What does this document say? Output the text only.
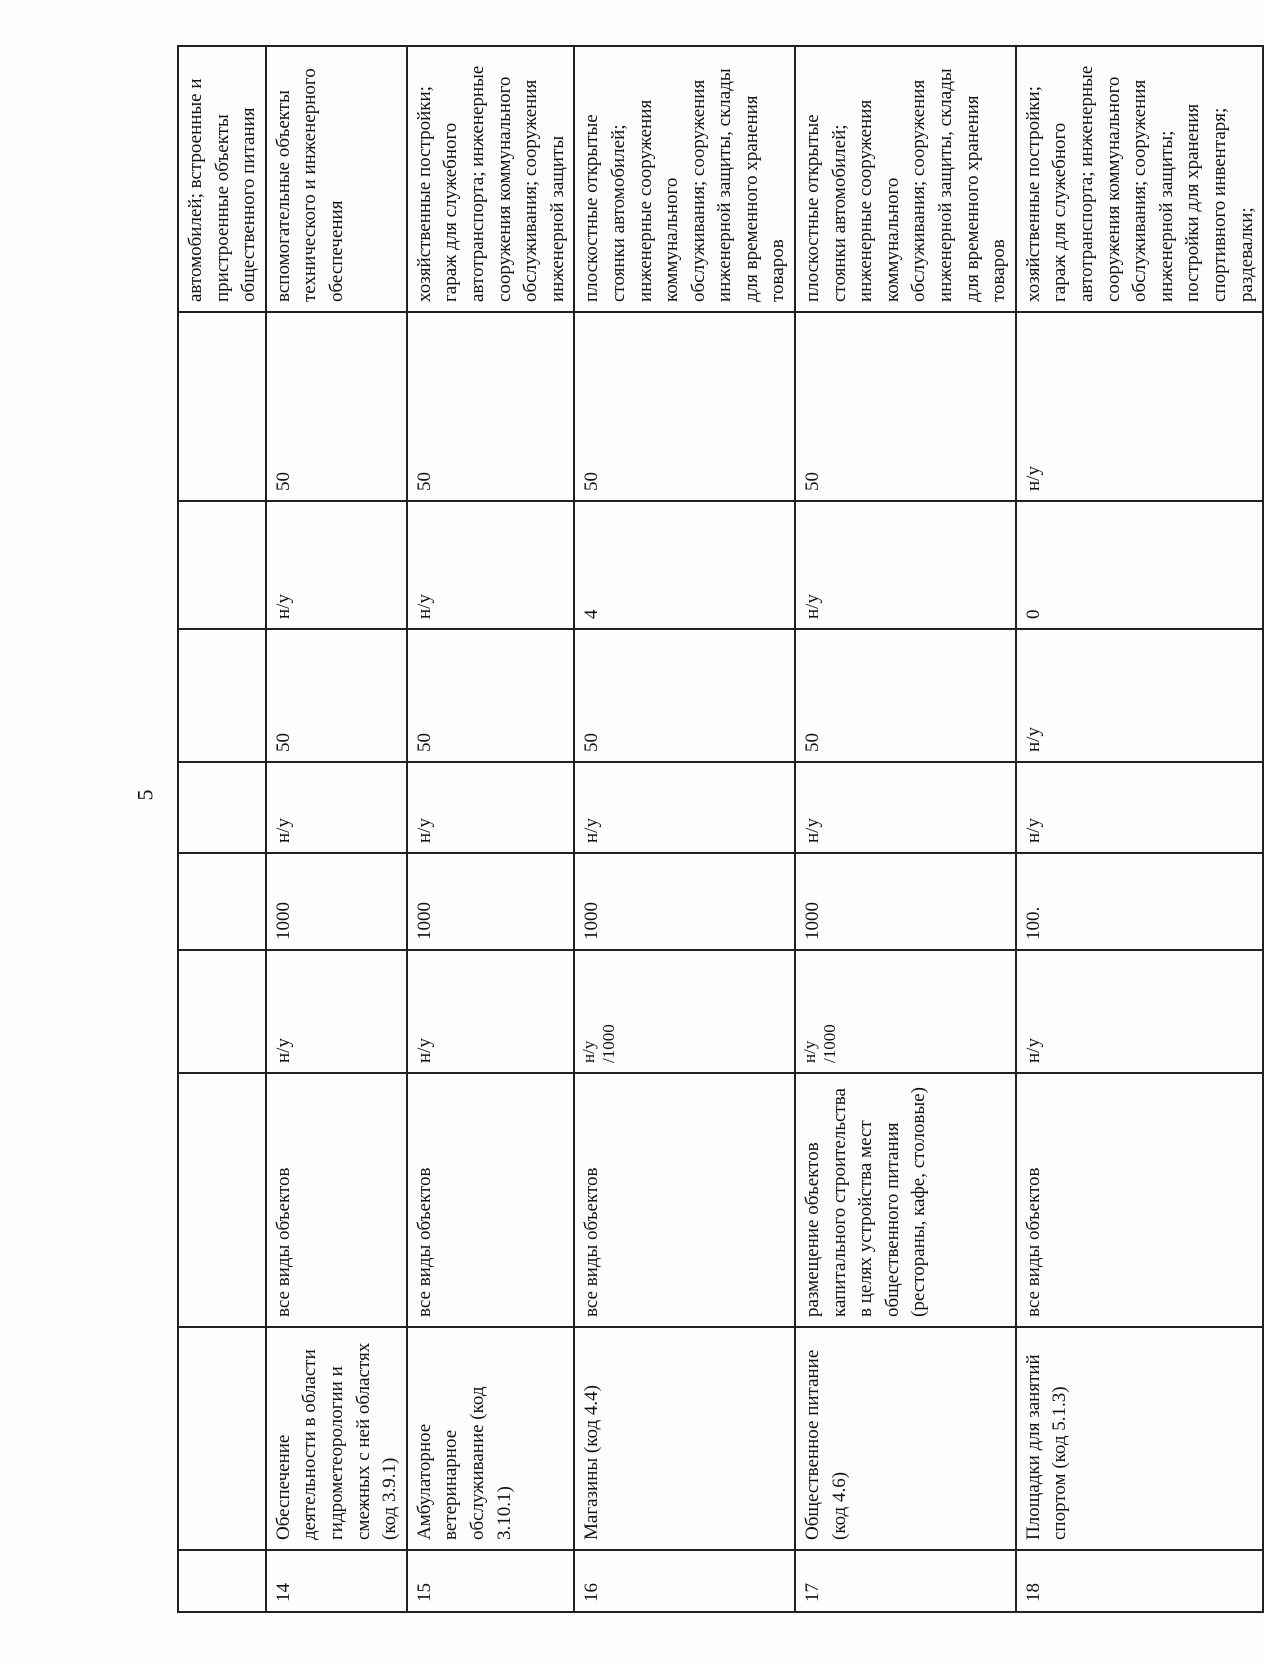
5

									автомобилей; встроенные и пристроенные объекты общественного питания

14	Обеспечение деятельности в области гидрометеорологии и смежных с ней областях (код 3.9.1)	все виды объектов	н/у	1000	н/у	50	н/у	50	вспомогательные объекты технического и инженерного обеспечения

15	Амбулаторное ветеринарное обслуживание (код 3.10.1)	все виды объектов	н/у	1000	н/у	50	н/у	50	хозяйственные постройки; гараж для служебного автотранспорта; инженерные сооружения коммунального обслуживания; сооружения инженерной защиты

16	Магазины (код 4.4)	все виды объектов	н/у /1000	1000	н/у	50	4	50	плоскостные открытые стоянки автомобилей; инженерные сооружения коммунального обслуживания; сооружения инженерной защиты, склады для временного хранения товаров

17	Общественное питание (код 4.6)	размещение объектов капитального строительства в целях устройства мест общественного питания (рестораны, кафе, столовые)	н/у /1000	1000	н/у	50	н/у	50	плоскостные открытые стоянки автомобилей; инженерные сооружения коммунального обслуживания; сооружения инженерной защиты, склады для временного хранения товаров

18	Площадки для занятий спортом (код 5.1.3)	все виды объектов	н/у	100.	н/у	н/у	0	н/у	хозяйственные постройки; гараж для служебного автотранспорта; инженерные сооружения коммунального обслуживания; сооружения инженерной защиты; постройки для хранения спортивного инвентаря; раздевалки;
